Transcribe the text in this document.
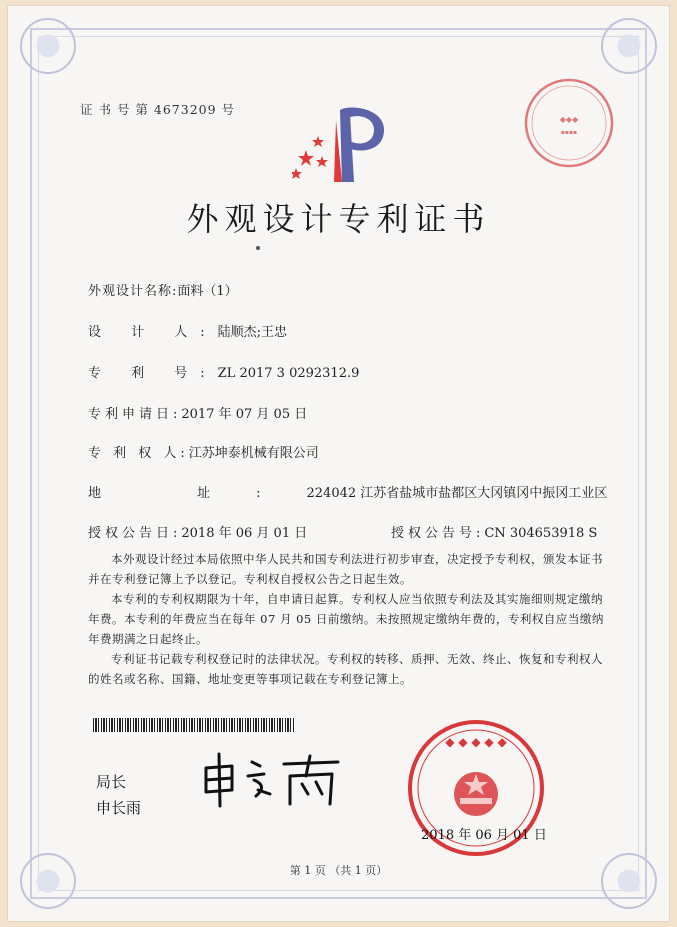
证 书 号 第 4673209 号
◆◆◆
▪▪▪▪
外观设计专利证书
外观设计名称:面料（1）
设 计 人:陆顺杰;王忠
专 利 号:ZL 2017 3 0292312.9
专利申请日:2017 年 07 月 05 日
专 利 权 人:江苏坤泰机械有限公司
地 址:224042 江苏省盐城市盐都区大冈镇冈中振冈工业区
授权公告日:2018 年 06 月 01 日	授权公告号:CN 304653918 S

本外观设计经过本局依照中华人民共和国专利法进行初步审查，决定授予专利权，颁发本证书并在专利登记簿上予以登记。专利权自授权公告之日起生效。

本专利的专利权期限为十年，自申请日起算。专利权人应当依照专利法及其实施细则规定缴纳年费。本专利的年费应当在每年 07 月 05 日前缴纳。未按照规定缴纳年费的，专利权自应当缴纳年费期满之日起终止。

专利证书记载专利权登记时的法律状况。专利权的转移、质押、无效、终止、恢复和专利权人的姓名或名称、国籍、地址变更等事项记载在专利登记簿上。

局长
申长雨
◆ ◆ ◆ ◆ ◆
2018 年 06 月 01 日
第 1 页 （共 1 页）
